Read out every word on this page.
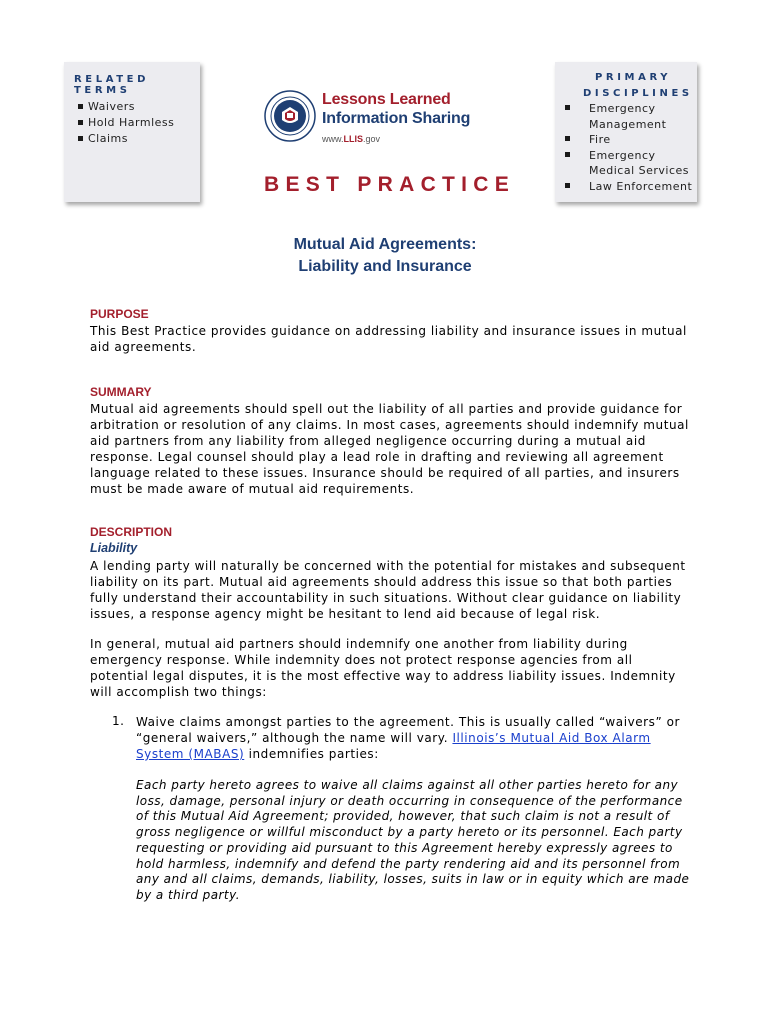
RELATED TERMS
Waivers
Hold Harmless
Claims
Lessons Learned
Information Sharing
www.LLIS.gov
BEST PRACTICE
PRIMARY
DISCIPLINES
Emergency Management
Fire
Emergency Medical Services
Law Enforcement
Mutual Aid Agreements:
Liability and Insurance
PURPOSE

This Best Practice provides guidance on addressing liability and insurance issues in mutual aid agreements.

SUMMARY

Mutual aid agreements should spell out the liability of all parties and provide guidance for arbitration or resolution of any claims. In most cases, agreements should indemnify mutual aid partners from any liability from alleged negligence occurring during a mutual aid response. Legal counsel should play a lead role in drafting and reviewing all agreement language related to these issues. Insurance should be required of all parties, and insurers must be made aware of mutual aid requirements.

DESCRIPTION
Liability

A lending party will naturally be concerned with the potential for mistakes and subsequent liability on its part. Mutual aid agreements should address this issue so that both parties fully understand their accountability in such situations. Without clear guidance on liability issues, a response agency might be hesitant to lend aid because of legal risk.

In general, mutual aid partners should indemnify one another from liability during emergency response. While indemnity does not protect response agencies from all potential legal disputes, it is the most effective way to address liability issues. Indemnity will accomplish two things:

1. Waive claims amongst parties to the agreement. This is usually called “waivers” or “general waivers,” although the name will vary. Illinois’s Mutual Aid Box Alarm System (MABAS) indemnifies parties:

Each party hereto agrees to waive all claims against all other parties hereto for any loss, damage, personal injury or death occurring in consequence of the performance of this Mutual Aid Agreement; provided, however, that such claim is not a result of gross negligence or willful misconduct by a party hereto or its personnel. Each party requesting or providing aid pursuant to this Agreement hereby expressly agrees to hold harmless, indemnify and defend the party rendering aid and its personnel from any and all claims, demands, liability, losses, suits in law or in equity which are made by a third party.
